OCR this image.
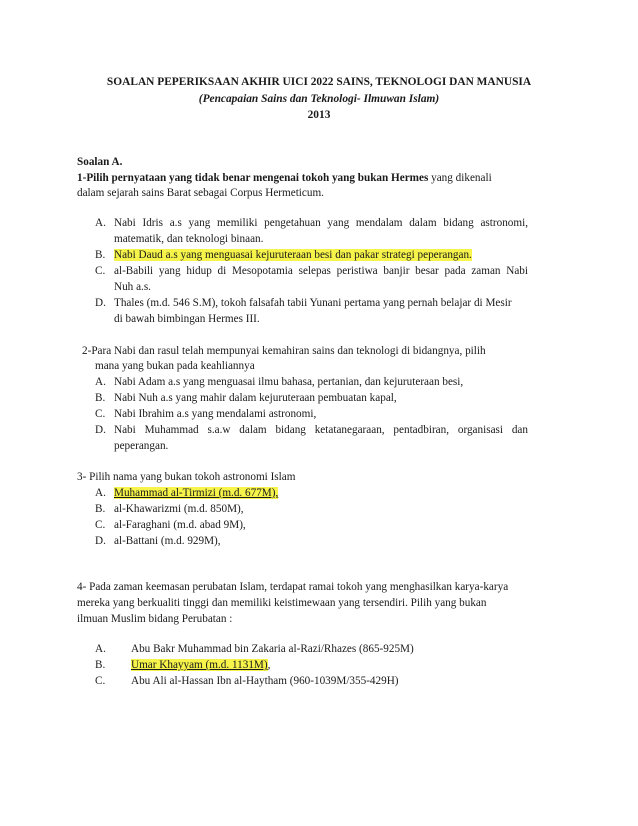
SOALAN PEPERIKSAAN AKHIR UICI 2022 SAINS, TEKNOLOGI DAN MANUSIA
(Pencapaian Sains dan Teknologi- Ilmuwan Islam)
2013
Soalan A.
1-Pilih pernyataan yang tidak benar mengenai tokoh yang bukan Hermes yang dikenali
dalam sejarah sains Barat sebagai Corpus Hermeticum.
A. Nabi Idris a.s yang memiliki pengetahuan yang mendalam dalam bidang astronomi,
matematik, dan teknologi binaan.
B. Nabi Daud a.s yang menguasai kejuruteraan besi dan pakar strategi peperangan.
C. al-Babili yang hidup di Mesopotamia selepas peristiwa banjir besar pada zaman Nabi
Nuh a.s.
D. Thales (m.d. 546 S.M), tokoh falsafah tabii Yunani pertama yang pernah belajar di Mesir
di bawah bimbingan Hermes III.
2-Para Nabi dan rasul telah mempunyai kemahiran sains dan teknologi di bidangnya, pilih
mana yang bukan pada keahliannya
A. Nabi Adam a.s yang menguasai ilmu bahasa, pertanian, dan kejuruteraan besi,
B. Nabi Nuh a.s yang mahir dalam kejuruteraan pembuatan kapal,
C. Nabi Ibrahim a.s yang mendalami astronomi,
D. Nabi Muhammad s.a.w dalam bidang ketatanegaraan, pentadbiran, organisasi dan
peperangan.
3- Pilih nama yang bukan tokoh astronomi Islam
A. Muhammad al-Tirmizi (m.d. 677M),
B. al-Khawarizmi (m.d. 850M),
C. al-Faraghani (m.d. abad 9M),
D. al-Battani (m.d. 929M),
4- Pada zaman keemasan perubatan Islam, terdapat ramai tokoh yang menghasilkan karya-karya
mereka yang berkualiti tinggi dan memiliki keistimewaan yang tersendiri. Pilih yang bukan
ilmuan Muslim bidang Perubatan :
A. Abu Bakr Muhammad bin Zakaria al-Razi/Rhazes (865-925M)
B. Umar Khayyam (m.d. 1131M),
C. Abu Ali al-Hassan Ibn al-Haytham (960-1039M/355-429H)
